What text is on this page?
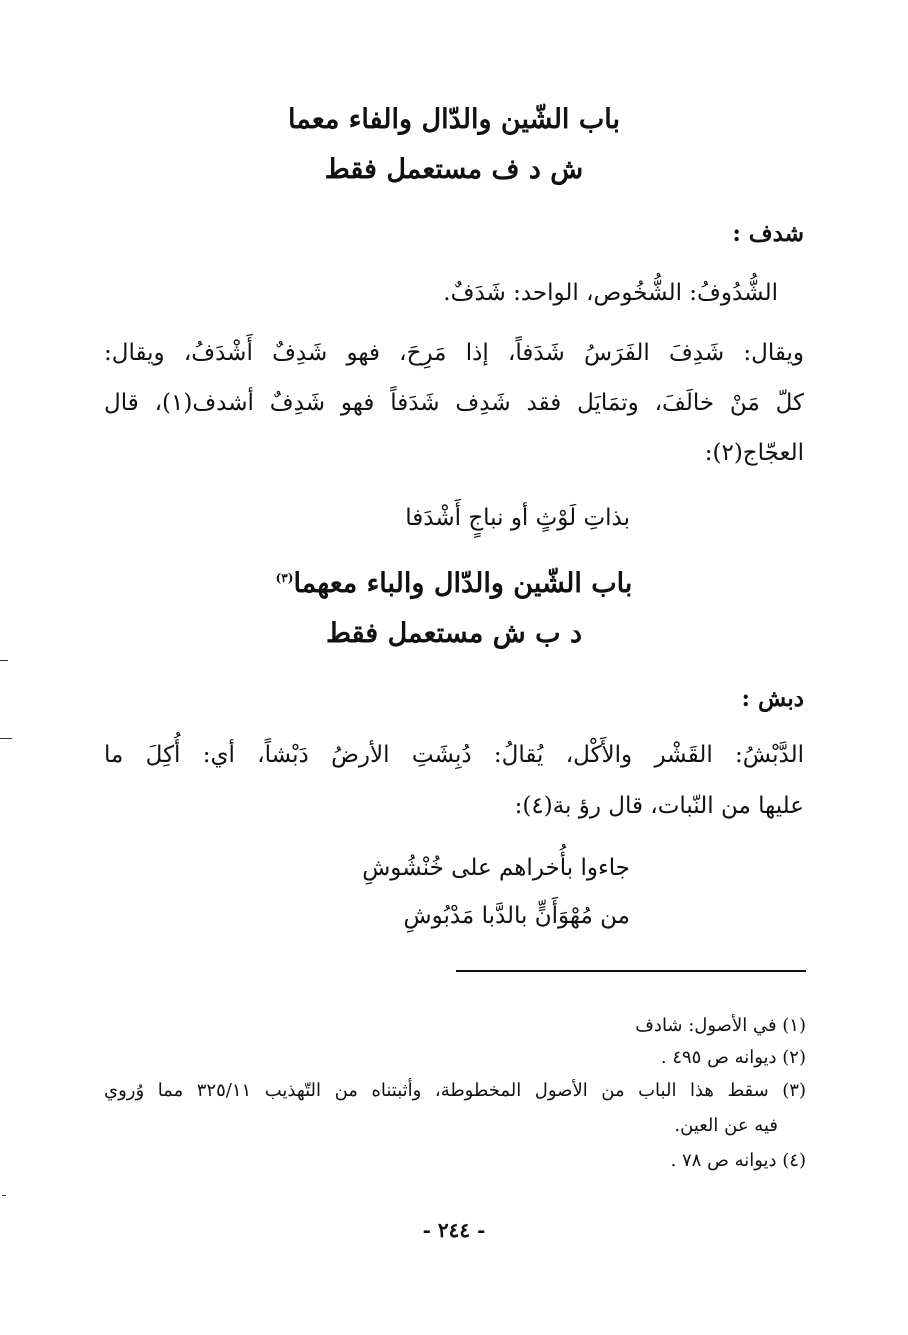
باب الشّين والدّال والفاء معما
ش د ف مستعمل فقط
شدف :
الشُّدُوفُ: الشُّخُوص، الواحد: شَدَفٌ.
ويقال: شَدِفَ الفَرَسُ شَدَفاً، إذا مَرِحَ، فهو شَدِفٌ أَشْدَفُ، ويقال:
كلّ مَنْ خالَفَ، وتمَايَل فقد شَدِف شَدَفاً فهو شَدِفٌ أشدف(١)، قال
العجّاج(٢):
بذاتِ لَوْثٍ أو نباجٍ أَشْدَفا
باب الشّين والدّال والباء معهما$^{(٣)}$
د ب ش مستعمل فقط
دبش :
الدَّبْشُ: القَشْر والأَكْل، يُقالُ: دُبِشَتِ الأرضُ دَبْشاً، أي: أُكِلَ ما
عليها من النّبات، قال رؤ بة(٤):
جاءوا بأُخراهم على خُنْشُوشِ
من مُهْوَأَنٍّ بالدَّبا مَدْبُوشِ
(١) في الأصول: شادف
(٢) ديوانه ص ٤٩٥ .
(٣) سقط هذا الباب من الأصول المخطوطة، وأثبتناه من التّهذيب ٣٢٥/١١ مما وُروي
فيه عن العين.
(٤) ديوانه ص ٧٨ .
- ٢٤٤ -
